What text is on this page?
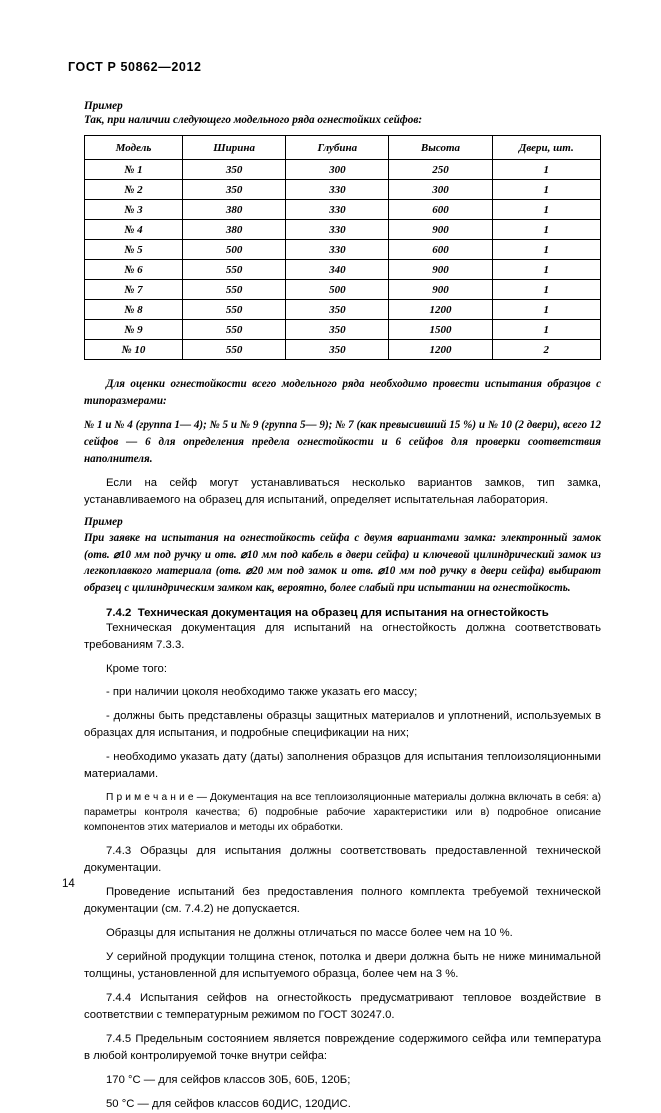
ГОСТ Р 50862—2012
Пример
Так, при наличии следующего модельного ряда огнестойких сейфов:
Модель	Ширина	Глубина	Высота	Двери, шт.
№ 1	350	300	250	1
№ 2	350	330	300	1
№ 3	380	330	600	1
№ 4	380	330	900	1
№ 5	500	330	600	1
№ 6	550	340	900	1
№ 7	550	500	900	1
№ 8	550	350	1200	1
№ 9	550	350	1500	1
№ 10	550	350	1200	2

Для оценки огнестойкости всего модельного ряда необходимо провести испытания образцов с типоразмерами:

№ 1 и № 4 (группа 1— 4); № 5 и № 9 (группа 5— 9); № 7 (как превысивший 15 %) и № 10 (2 двери), всего 12 сейфов — 6 для определения предела огнестойкости и 6 сейфов для проверки соответствия наполнителя.

Если на сейф могут устанавливаться несколько вариантов замков, тип замка, устанавливаемого на образец для испытаний, определяет испытательная лаборатория.

Пример

При заявке на испытания на огнестойкость сейфа с двумя вариантами замка: электронный замок (отв. ⌀10 мм под ручку и отв. ⌀10 мм под кабель в двери сейфа) и ключевой цилиндрический замок из легкоплавкого материала (отв. ⌀20 мм под замок и отв. ⌀10 мм под ручку в двери сейфа) выбирают образец с цилиндрическим замком как, вероятно, более слабый при испытании на огнестойкость.

7.4.2 Техническая документация на образец для испытания на огнестойкость

Техническая документация для испытаний на огнестойкость должна соответствовать требованиям 7.3.3.

Кроме того:

- при наличии цоколя необходимо также указать его массу;

- должны быть представлены образцы защитных материалов и уплотнений, используемых в образцах для испытания, и подробные спецификации на них;

- необходимо указать дату (даты) заполнения образцов для испытания теплоизоляционными материалами.

П р и м е ч а н и е — Документация на все теплоизоляционные материалы должна включать в себя: а) параметры контроля качества; б) подробные рабочие характеристики или в) подробное описание компонентов этих материалов и методы их обработки.

7.4.3 Образцы для испытания должны соответствовать предоставленной технической документации.

Проведение испытаний без предоставления полного комплекта требуемой технической документации (см. 7.4.2) не допускается.

Образцы для испытания не должны отличаться по массе более чем на 10 %.

У серийной продукции толщина стенок, потолка и двери должна быть не ниже минимальной толщины, установленной для испытуемого образца, более чем на 3 %.

7.4.4 Испытания сейфов на огнестойкость предусматривают тепловое воздействие в соответствии с температурным режимом по ГОСТ 30247.0.

7.4.5 Предельным состоянием является повреждение содержимого сейфа или температура в любой контролируемой точке внутри сейфа:

170 °С — для сейфов классов 30Б, 60Б, 120Б;

50 °С — для сейфов классов 60ДИС, 120ДИС.

14
